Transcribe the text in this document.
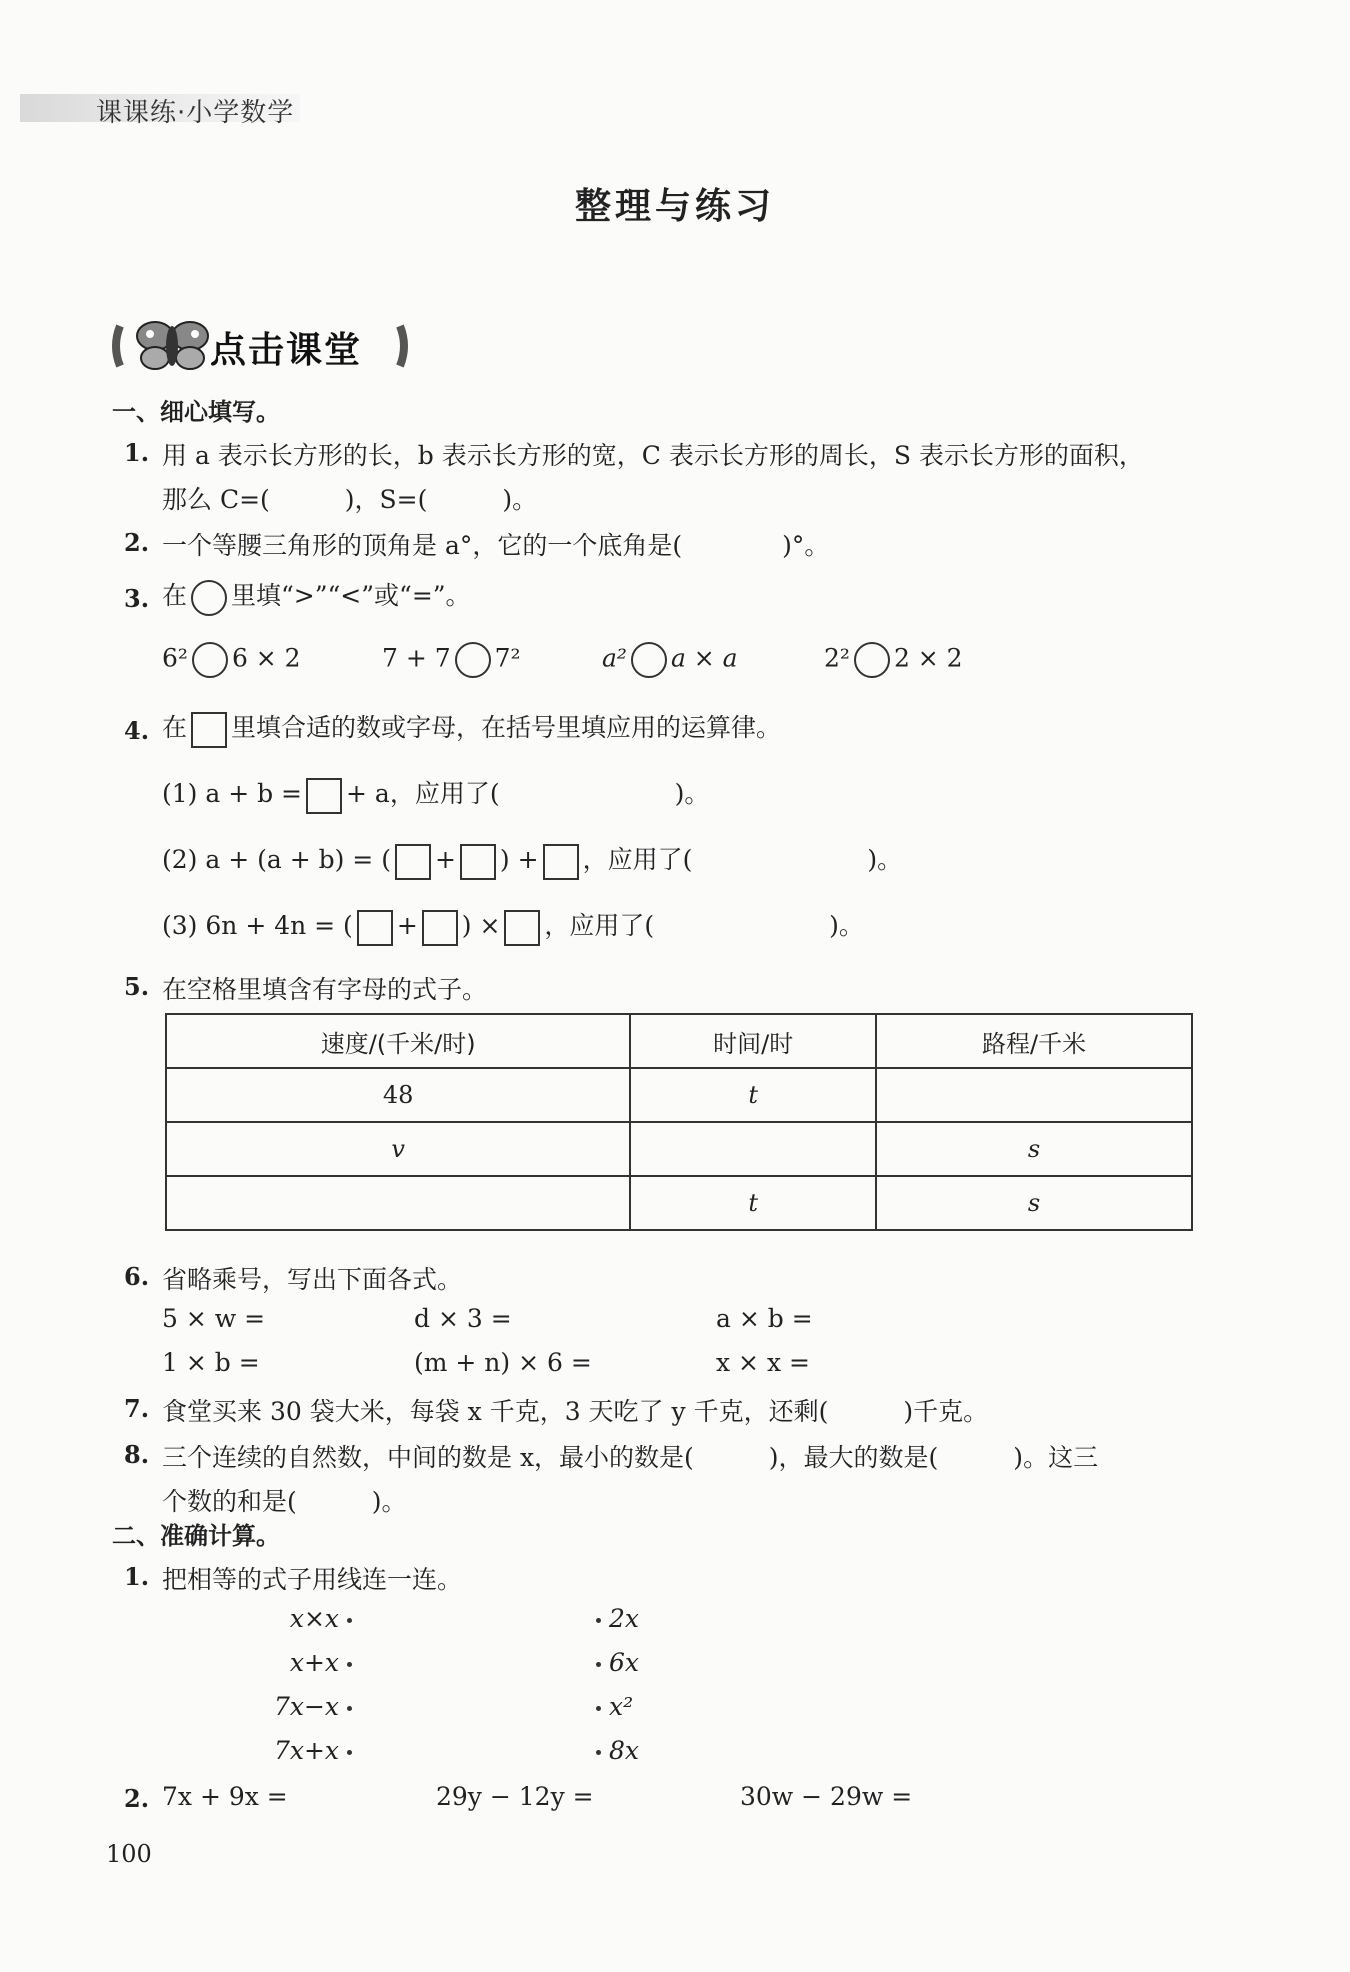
课课练·小学数学
整理与练习
点击课堂
一、细心填写。
1. 用 a 表示长方形的长，b 表示长方形的宽，C 表示长方形的周长，S 表示长方形的面积，
那么 C=(　　　)，S=(　　　)。
2. 一个等腰三角形的顶角是 a°，它的一个底角是(　　　　)°。
3. 在 里填“>”“<”或“=”。
6² 6 × 2	7 + 7 7²	a² a × a	2² 2 × 2
4. 在 里填合适的数或字母，在括号里填应用的运算律。
(1) a + b = + a，应用了(　　　　　　　)。
(2) a + (a + b) = ( + ) + ，应用了(　　　　　　　)。
(3) 6n + 4n = ( + ) × ，应用了(　　　　　　　)。
5. 在空格里填含有字母的式子。
速度/(千米/时)	时间/时	路程/千米
48	t	
v		s
	t	s
6. 省略乘号，写出下面各式。
5 × w =	d × 3 =	a × b =
1 × b =	(m + n) × 6 =	x × x =
7. 食堂买来 30 袋大米，每袋 x 千克，3 天吃了 y 千克，还剩(　　　)千克。
8. 三个连续的自然数，中间的数是 x，最小的数是(　　　)，最大的数是(　　　)。这三
个数的和是(　　　)。
二、准确计算。
1. 把相等的式子用线连一连。
x×x
x+x
7x−x
7x+x
2x
6x
x²
8x
2. 7x + 9x =	29y − 12y =	30w − 29w =
100
